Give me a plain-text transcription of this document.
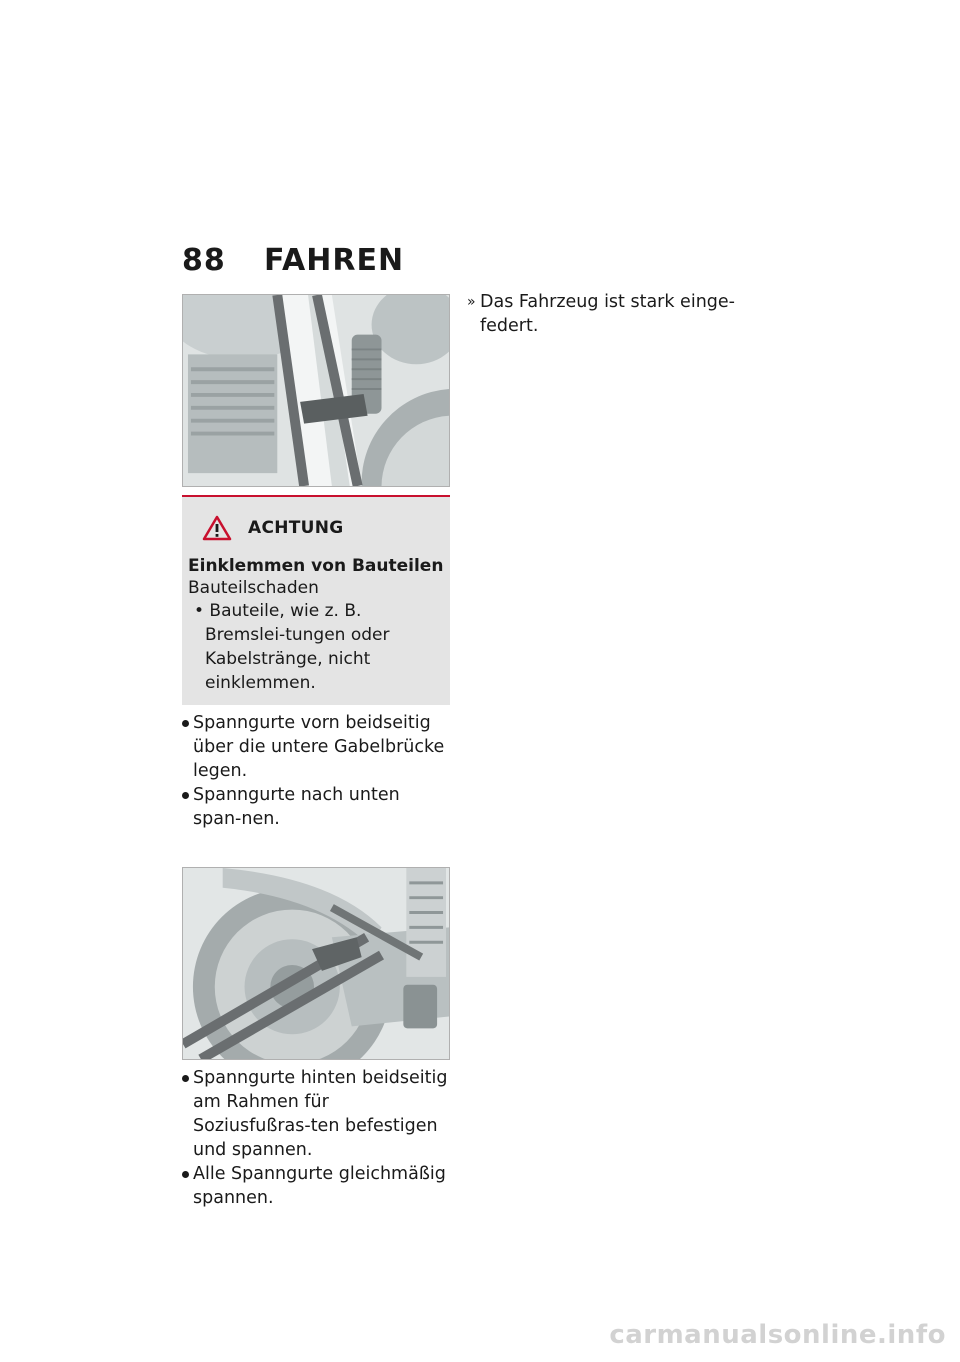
88	FAHREN
ACHTUNG
Einklemmen von Bauteilen
Bauteilschaden
• Bauteile, wie z. B. Bremslei-tungen oder Kabelstränge, nicht einklemmen.
Spanngurte vorn beidseitig über die untere Gabelbrücke legen.
Spanngurte nach unten span-nen.
Spanngurte hinten beidseitig am Rahmen für Soziusfußras-ten befestigen und spannen.
Alle Spanngurte gleichmäßig spannen.
» Das Fahrzeug ist stark einge-federt.
carmanualsonline.info
